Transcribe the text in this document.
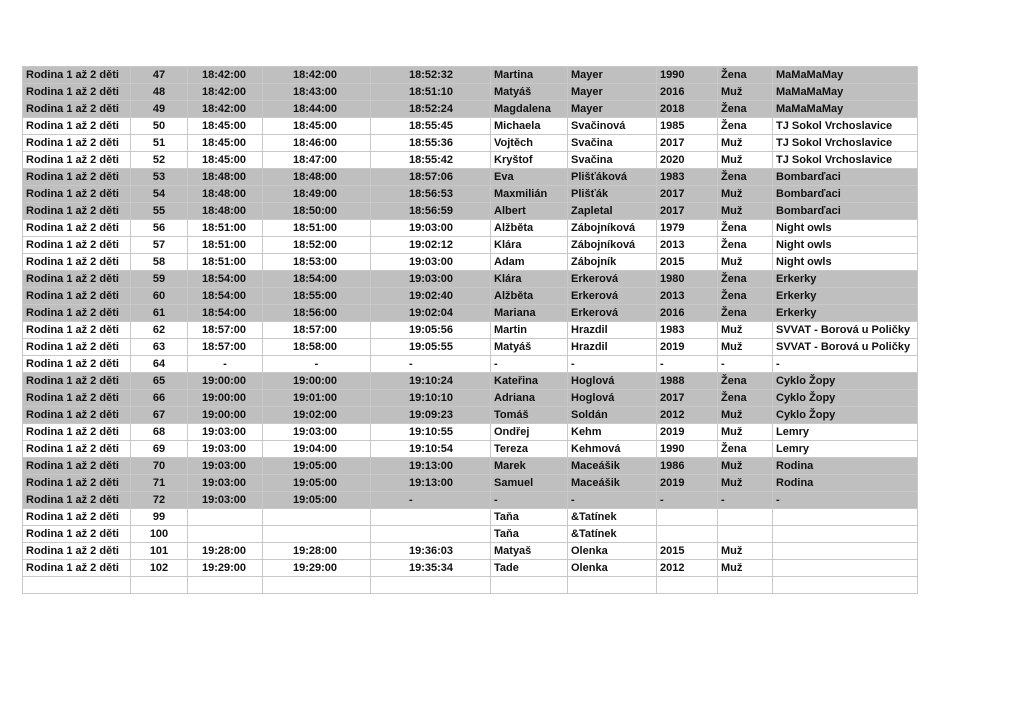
Rodina 1 až 2 děti	47	18:42:00	18:42:00	18:52:32	Martina	Mayer	1990	Žena	MaMaMaMay
Rodina 1 až 2 děti	48	18:42:00	18:43:00	18:51:10	Matyáš	Mayer	2016	Muž	MaMaMaMay
Rodina 1 až 2 děti	49	18:42:00	18:44:00	18:52:24	Magdalena	Mayer	2018	Žena	MaMaMaMay
Rodina 1 až 2 děti	50	18:45:00	18:45:00	18:55:45	Michaela	Svačinová	1985	Žena	TJ Sokol Vrchoslavice
Rodina 1 až 2 děti	51	18:45:00	18:46:00	18:55:36	Vojtěch	Svačina	2017	Muž	TJ Sokol Vrchoslavice
Rodina 1 až 2 děti	52	18:45:00	18:47:00	18:55:42	Kryštof	Svačina	2020	Muž	TJ Sokol Vrchoslavice
Rodina 1 až 2 děti	53	18:48:00	18:48:00	18:57:06	Eva	Plišťáková	1983	Žena	Bombarďaci
Rodina 1 až 2 děti	54	18:48:00	18:49:00	18:56:53	Maxmilián	Plišťák	2017	Muž	Bombarďaci
Rodina 1 až 2 děti	55	18:48:00	18:50:00	18:56:59	Albert	Zapletal	2017	Muž	Bombarďaci
Rodina 1 až 2 děti	56	18:51:00	18:51:00	19:03:00	Alžběta	Zábojníková	1979	Žena	Night owls
Rodina 1 až 2 děti	57	18:51:00	18:52:00	19:02:12	Klára	Zábojníková	2013	Žena	Night owls
Rodina 1 až 2 děti	58	18:51:00	18:53:00	19:03:00	Adam	Zábojník	2015	Muž	Night owls
Rodina 1 až 2 děti	59	18:54:00	18:54:00	19:03:00	Klára	Erkerová	1980	Žena	Erkerky
Rodina 1 až 2 děti	60	18:54:00	18:55:00	19:02:40	Alžběta	Erkerová	2013	Žena	Erkerky
Rodina 1 až 2 děti	61	18:54:00	18:56:00	19:02:04	Mariana	Erkerová	2016	Žena	Erkerky
Rodina 1 až 2 děti	62	18:57:00	18:57:00	19:05:56	Martin	Hrazdil	1983	Muž	SVVAT - Borová u Poličky
Rodina 1 až 2 děti	63	18:57:00	18:58:00	19:05:55	Matyáš	Hrazdil	2019	Muž	SVVAT - Borová u Poličky
Rodina 1 až 2 děti	64	-	-	-	-	-	-	-	-
Rodina 1 až 2 děti	65	19:00:00	19:00:00	19:10:24	Kateřina	Hoglová	1988	Žena	Cyklo Žopy
Rodina 1 až 2 děti	66	19:00:00	19:01:00	19:10:10	Adriana	Hoglová	2017	Žena	Cyklo Žopy
Rodina 1 až 2 děti	67	19:00:00	19:02:00	19:09:23	Tomáš	Soldán	2012	Muž	Cyklo Žopy
Rodina 1 až 2 děti	68	19:03:00	19:03:00	19:10:55	Ondřej	Kehm	2019	Muž	Lemry
Rodina 1 až 2 děti	69	19:03:00	19:04:00	19:10:54	Tereza	Kehmová	1990	Žena	Lemry
Rodina 1 až 2 děti	70	19:03:00	19:05:00	19:13:00	Marek	Maceášik	1986	Muž	Rodina
Rodina 1 až 2 děti	71	19:03:00	19:05:00	19:13:00	Samuel	Maceášik	2019	Muž	Rodina
Rodina 1 až 2 děti	72	19:03:00	19:05:00	-	-	-	-	-	-
Rodina 1 až 2 děti	99				Taňa	&Tatínek			
Rodina 1 až 2 děti	100				Taňa	&Tatínek			
Rodina 1 až 2 děti	101	19:28:00	19:28:00	19:36:03	Matyaš	Olenka	2015	Muž	
Rodina 1 až 2 děti	102	19:29:00	19:29:00	19:35:34	Tade	Olenka	2012	Muž	
